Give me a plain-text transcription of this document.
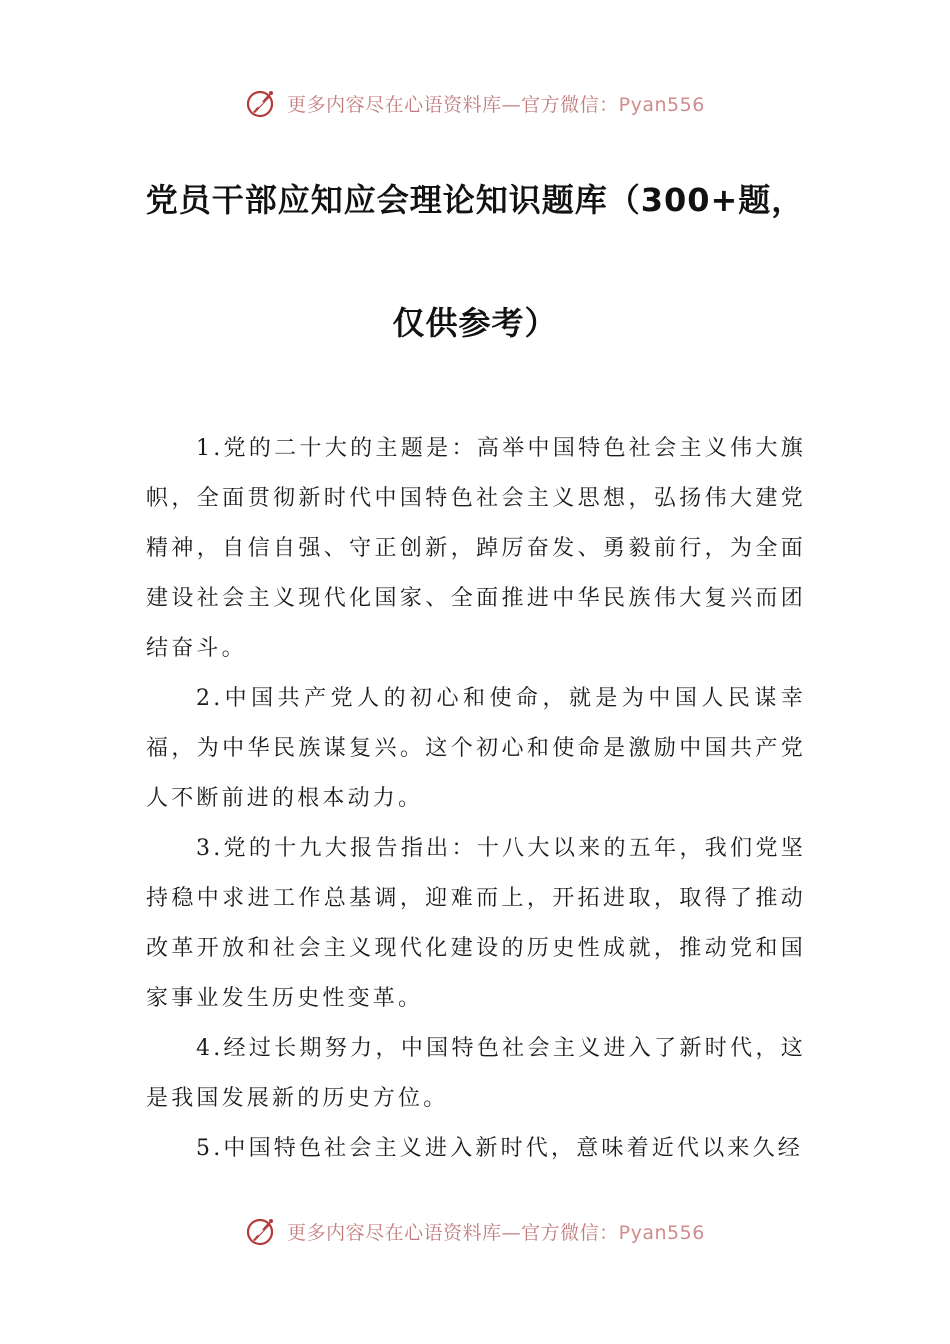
更多内容尽在心语资料库—官方微信：Pyan556
党员干部应知应会理论知识题库（300+题，
仅供参考）

1.党的二十大的主题是：高举中国特色社会主义伟大旗帜，全面贯彻新时代中国特色社会主义思想，弘扬伟大建党精神，自信自强、守正创新，踔厉奋发、勇毅前行，为全面建设社会主义现代化国家、全面推进中华民族伟大复兴而团结奋斗。

2.中国共产党人的初心和使命，就是为中国人民谋幸福，为中华民族谋复兴。这个初心和使命是激励中国共产党人不断前进的根本动力。

3.党的十九大报告指出：十八大以来的五年，我们党坚持稳中求进工作总基调，迎难而上，开拓进取，取得了推动改革开放和社会主义现代化建设的历史性成就，推动党和国家事业发生历史性变革。

4.经过长期努力，中国特色社会主义进入了新时代，这是我国发展新的历史方位。

5.中国特色社会主义进入新时代，意味着近代以来久经

更多内容尽在心语资料库—官方微信：Pyan556
